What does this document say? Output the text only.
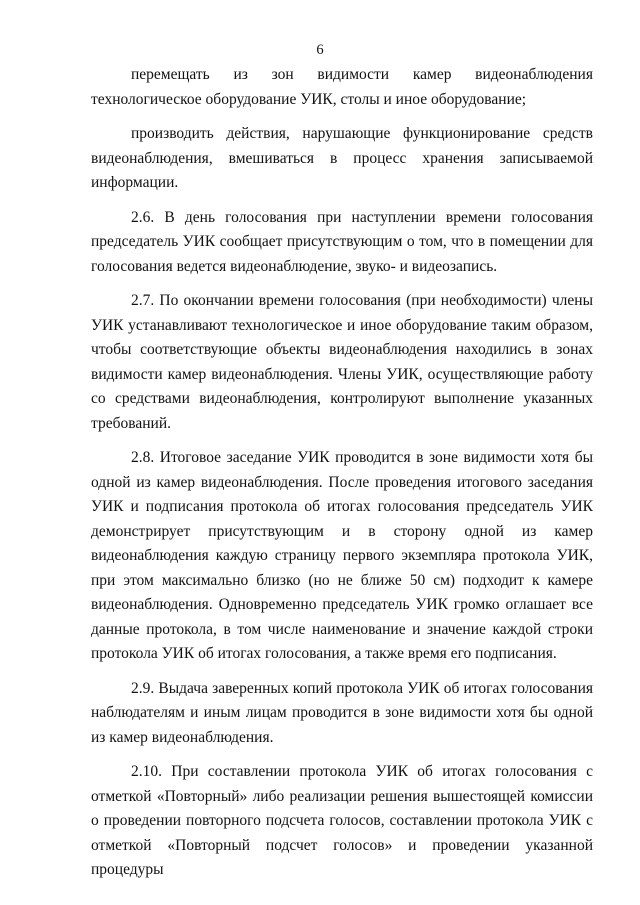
6

перемещать из зон видимости камер видеонаблюдения технологическое оборудование УИК, столы и иное оборудование;

производить действия, нарушающие функционирование средств видеонаблюдения, вмешиваться в процесс хранения записываемой информации.

2.6. В день голосования при наступлении времени голосования председатель УИК сообщает присутствующим о том, что в помещении для голосования ведется видеонаблюдение, звуко- и видеозапись.

2.7. По окончании времени голосования (при необходимости) члены УИК устанавливают технологическое и иное оборудование таким образом, чтобы соответствующие объекты видеонаблюдения находились в зонах видимости камер видеонаблюдения. Члены УИК, осуществляющие работу со средствами видеонаблюдения, контролируют выполнение указанных требований.

2.8. Итоговое заседание УИК проводится в зоне видимости хотя бы одной из камер видеонаблюдения. После проведения итогового заседания УИК и подписания протокола об итогах голосования председатель УИК демонстрирует присутствующим и в сторону одной из камер видеонаблюдения каждую страницу первого экземпляра протокола УИК, при этом максимально близко (но не ближе 50 см) подходит к камере видеонаблюдения. Одновременно председатель УИК громко оглашает все данные протокола, в том числе наименование и значение каждой строки протокола УИК об итогах голосования, а также время его подписания.

2.9. Выдача заверенных копий протокола УИК об итогах голосования наблюдателям и иным лицам проводится в зоне видимости хотя бы одной из камер видеонаблюдения.

2.10. При составлении протокола УИК об итогах голосования с отметкой «Повторный» либо реализации решения вышестоящей комиссии о проведении повторного подсчета голосов, составлении протокола УИК с отметкой «Повторный подсчет голосов» и проведении указанной процедуры
